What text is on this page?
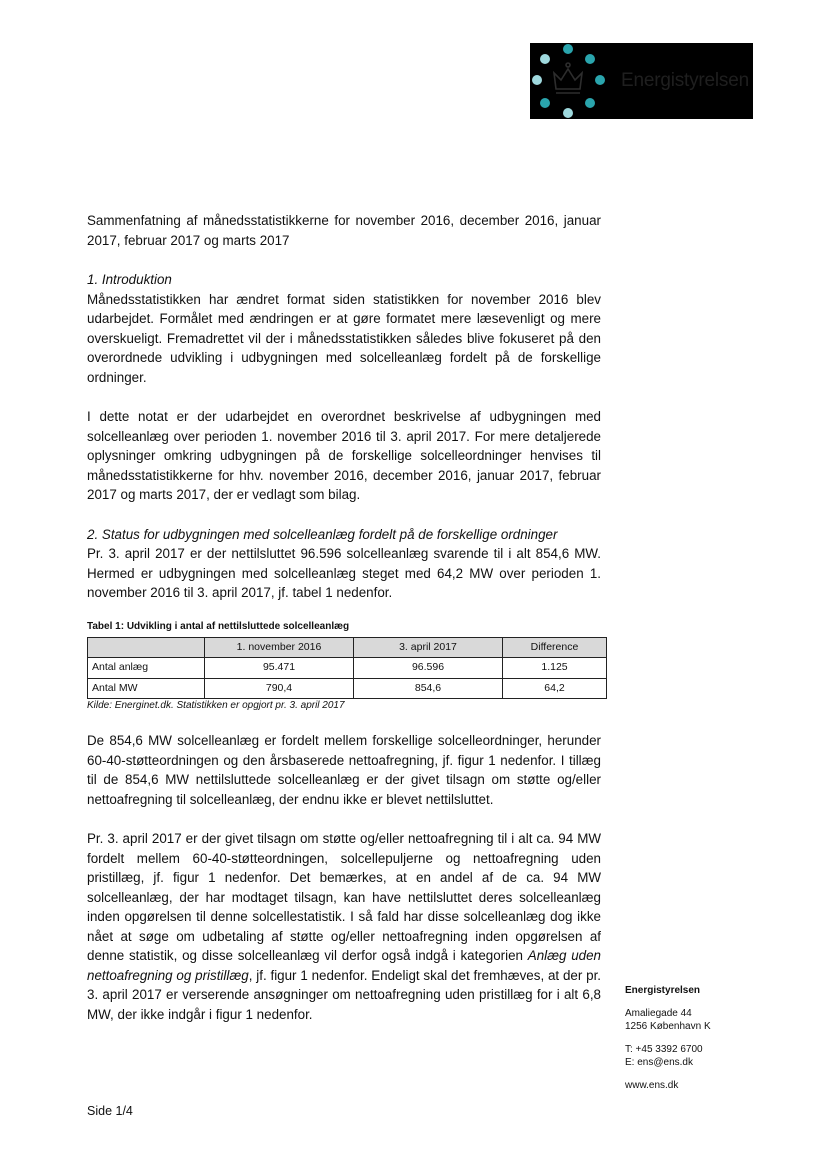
Energistyrelsen

Sammenfatning af månedsstatistikkerne for november 2016, december 2016, januar 2017, februar 2017 og marts 2017

1. Introduktion

Månedsstatistikken har ændret format siden statistikken for november 2016 blev udarbejdet. Formålet med ændringen er at gøre formatet mere læsevenligt og mere overskueligt. Fremadrettet vil der i månedsstatistikken således blive fokuseret på den overordnede udvikling i udbygningen med solcelleanlæg fordelt på de forskellige ordninger.

I dette notat er der udarbejdet en overordnet beskrivelse af udbygningen med solcelleanlæg over perioden 1. november 2016 til 3. april 2017. For mere detaljerede oplysninger omkring udbygningen på de forskellige solcelleordninger henvises til månedsstatistikkerne for hhv. november 2016, december 2016, januar 2017, februar 2017 og marts 2017, der er vedlagt som bilag.

2. Status for udbygningen med solcelleanlæg fordelt på de forskellige ordninger

Pr. 3. april 2017 er der nettilsluttet 96.596 solcelleanlæg svarende til i alt 854,6 MW. Hermed er udbygningen med solcelleanlæg steget med 64,2 MW over perioden 1. november 2016 til 3. april 2017, jf. tabel 1 nedenfor.

Tabel 1: Udvikling i antal af nettilsluttede solcelleanlæg

	1. november 2016	3. april 2017	Difference
Antal anlæg	95.471	96.596	1.125
Antal MW	790,4	854,6	64,2

Kilde: Energinet.dk. Statistikken er opgjort pr. 3. april 2017

De 854,6 MW solcelleanlæg er fordelt mellem forskellige solcelleordninger, herunder 60-40-støtteordningen og den årsbaserede nettoafregning, jf. figur 1 nedenfor. I tillæg til de 854,6 MW nettilsluttede solcelleanlæg er der givet tilsagn om støtte og/eller nettoafregning til solcelleanlæg, der endnu ikke er blevet nettilsluttet.

Pr. 3. april 2017 er der givet tilsagn om støtte og/eller nettoafregning til i alt ca. 94 MW fordelt mellem 60-40-støtteordningen, solcellepuljerne og nettoafregning uden pristillæg, jf. figur 1 nedenfor. Det bemærkes, at en andel af de ca. 94 MW solcelleanlæg, der har modtaget tilsagn, kan have nettilsluttet deres solcelleanlæg inden opgørelsen til denne solcellestatistik. I så fald har disse solcelleanlæg dog ikke nået at søge om udbetaling af støtte og/eller nettoafregning inden opgørelsen af denne statistik, og disse solcelleanlæg vil derfor også indgå i kategorien Anlæg uden nettoafregning og pristillæg, jf. figur 1 nedenfor. Endeligt skal det fremhæves, at der pr. 3. april 2017 er verserende ansøgninger om nettoafregning uden pristillæg for i alt 6,8 MW, der ikke indgår i figur 1 nedenfor.

Energistyrelsen
Amaliegade 44
1256 København K
T: +45 3392 6700
E: ens@ens.dk
www.ens.dk
Side 1/4
